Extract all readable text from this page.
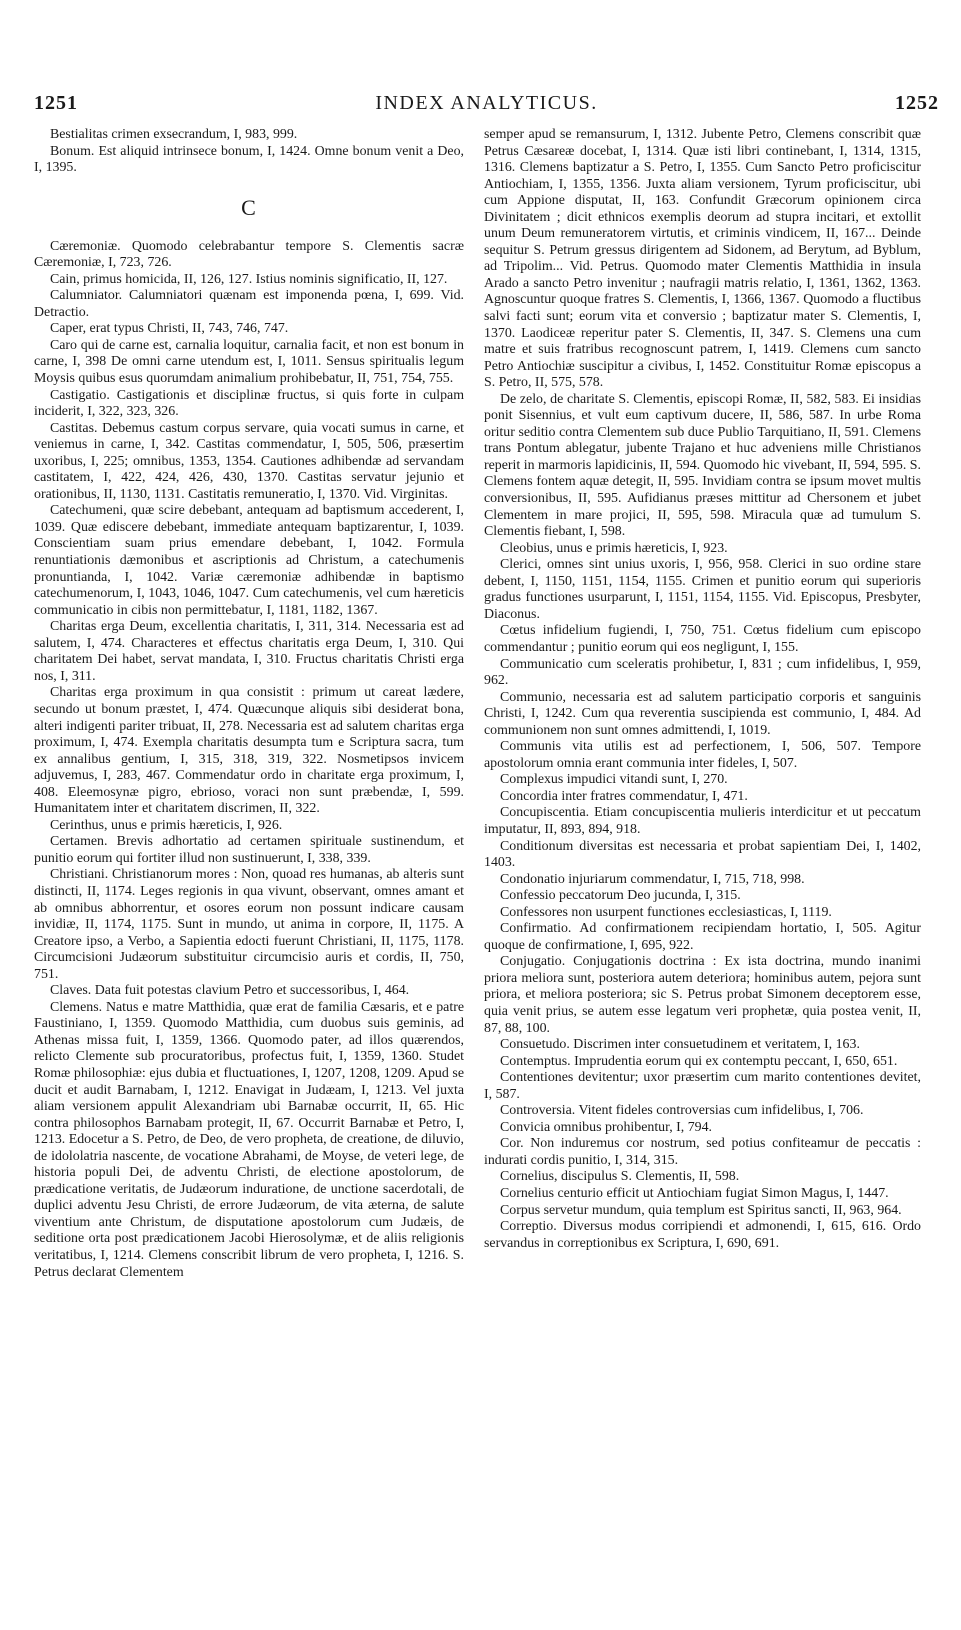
1251	INDEX ANALYTICUS.	1252

Bestialitas crimen exsecrandum, I, 983, 999.

Bonum. Est aliquid intrinsece bonum, I, 1424. Omne bonum venit a Deo, I, 1395.

C

Cæremoniæ. Quomodo celebrabantur tempore S. Clementis sacræ Cæremoniæ, I, 723, 726.

Cain, primus homicida, II, 126, 127. Istius nominis significatio, II, 127.

Calumniator. Calumniatori quænam est imponenda pœna, I, 699. Vid. Detractio.

Caper, erat typus Christi, II, 743, 746, 747.

Caro qui de carne est, carnalia loquitur, carnalia facit, et non est bonum in carne, I, 398 De omni carne utendum est, I, 1011. Sensus spiritualis legum Moysis quibus esus quorumdam animalium prohibebatur, II, 751, 754, 755.

Castigatio. Castigationis et disciplinæ fructus, si quis forte in culpam inciderit, I, 322, 323, 326.

Castitas. Debemus castum corpus servare, quia vocati sumus in carne, et veniemus in carne, I, 342. Castitas commendatur, I, 505, 506, præsertim uxoribus, I, 225; omnibus, 1353, 1354. Cautiones adhibendæ ad servandam castitatem, I, 422, 424, 426, 430, 1370. Castitas servatur jejunio et orationibus, II, 1130, 1131. Castitatis remuneratio, I, 1370. Vid. Virginitas.

Catechumeni, quæ scire debebant, antequam ad baptismum accederent, I, 1039. Quæ ediscere debebant, immediate antequam baptizarentur, I, 1039. Conscientiam suam prius emendare debebant, I, 1042. Formula renuntiationis dæmonibus et ascriptionis ad Christum, a catechumenis pronuntianda, I, 1042. Variæ cæremoniæ adhibendæ in baptismo catechumenorum, I, 1043, 1046, 1047. Cum catechumenis, vel cum hæreticis communicatio in cibis non permittebatur, I, 1181, 1182, 1367.

Charitas erga Deum, excellentia charitatis, I, 311, 314. Necessaria est ad salutem, I, 474. Characteres et effectus charitatis erga Deum, I, 310. Qui charitatem Dei habet, servat mandata, I, 310. Fructus charitatis Christi erga nos, I, 311.

Charitas erga proximum in qua consistit : primum ut careat lædere, secundo ut bonum præstet, I, 474. Quæcunque aliquis sibi desiderat bona, alteri indigenti pariter tribuat, II, 278. Necessaria est ad salutem charitas erga proximum, I, 474. Exempla charitatis desumpta tum e Scriptura sacra, tum ex annalibus gentium, I, 315, 318, 319, 322. Nosmetipsos invicem adjuvemus, I, 283, 467. Commendatur ordo in charitate erga proximum, I, 408. Eleemosynæ pigro, ebrioso, voraci non sunt præbendæ, I, 599. Humanitatem inter et charitatem discrimen, II, 322.

Cerinthus, unus e primis hæreticis, I, 926.

Certamen. Brevis adhortatio ad certamen spirituale sustinendum, et punitio eorum qui fortiter illud non sustinuerunt, I, 338, 339.

Christiani. Christianorum mores : Non, quoad res humanas, ab alteris sunt distincti, II, 1174. Leges regionis in qua vivunt, observant, omnes amant et ab omnibus abhorrentur, et osores eorum non possunt indicare causam invidiæ, II, 1174, 1175. Sunt in mundo, ut anima in corpore, II, 1175. A Creatore ipso, a Verbo, a Sapientia edocti fuerunt Christiani, II, 1175, 1178. Circumcisioni Judæorum substituitur circumcisio auris et cordis, II, 750, 751.

Claves. Data fuit potestas clavium Petro et successoribus, I, 464.

Clemens. Natus e matre Matthidia, quæ erat de familia Cæsaris, et e patre Faustiniano, I, 1359. Quomodo Matthidia, cum duobus suis geminis, ad Athenas missa fuit, I, 1359, 1366. Quomodo pater, ad illos quærendos, relicto Clemente sub procuratoribus, profectus fuit, I, 1359, 1360. Studet Romæ philosophiæ: ejus dubia et fluctuationes, I, 1207, 1208, 1209. Apud se ducit et audit Barnabam, I, 1212. Enavigat in Judæam, I, 1213. Vel juxta aliam versionem appulit Alexandriam ubi Barnabæ occurrit, II, 65. Hic contra philosophos Barnabam protegit, II, 67. Occurrit Barnabæ et Petro, I, 1213. Edocetur a S. Petro, de Deo, de vero propheta, de creatione, de diluvio, de idololatria nascente, de vocatione Abrahami, de Moyse, de veteri lege, de historia populi Dei, de adventu Christi, de electione apostolorum, de prædicatione veritatis, de Judæorum induratione, de unctione sacerdotali, de duplici adventu Jesu Christi, de errore Judæorum, de vita æterna, de salute viventium ante Christum, de disputatione apostolorum cum Judæis, de seditione orta post prædicationem Jacobi Hierosolymæ, et de aliis religionis veritatibus, I, 1214. Clemens conscribit librum de vero propheta, I, 1216. S. Petrus declarat Clementem

semper apud se remansurum, I, 1312. Jubente Petro, Clemens conscribit quæ Petrus Cæsareæ docebat, I, 1314. Quæ isti libri continebant, I, 1314, 1315, 1316. Clemens baptizatur a S. Petro, I, 1355. Cum Sancto Petro proficiscitur Antiochiam, I, 1355, 1356. Juxta aliam versionem, Tyrum proficiscitur, ubi cum Appione disputat, II, 163. Confundit Græcorum opinionem circa Divinitatem ; dicit ethnicos exemplis deorum ad stupra incitari, et extollit unum Deum remuneratorem virtutis, et criminis vindicem, II, 167... Deinde sequitur S. Petrum gressus dirigentem ad Sidonem, ad Berytum, ad Byblum, ad Tripolim... Vid. Petrus. Quomodo mater Clementis Matthidia in insula Arado a sancto Petro invenitur ; naufragii matris relatio, I, 1361, 1362, 1363. Agnoscuntur quoque fratres S. Clementis, I, 1366, 1367. Quomodo a fluctibus salvi facti sunt; eorum vita et conversio ; baptizatur mater S. Clementis, I, 1370. Laodiceæ reperitur pater S. Clementis, II, 347. S. Clemens una cum matre et suis fratribus recognoscunt patrem, I, 1419. Clemens cum sancto Petro Antiochiæ suscipitur a civibus, I, 1452. Constituitur Romæ episcopus a S. Petro, II, 575, 578.

De zelo, de charitate S. Clementis, episcopi Romæ, II, 582, 583. Ei insidias ponit Sisennius, et vult eum captivum ducere, II, 586, 587. In urbe Roma oritur seditio contra Clementem sub duce Publio Tarquitiano, II, 591. Clemens trans Pontum ablegatur, jubente Trajano et huc adveniens mille Christianos reperit in marmoris lapidicinis, II, 594. Quomodo hic vivebant, II, 594, 595. S. Clemens fontem aquæ detegit, II, 595. Invidiam contra se ipsum movet multis conversionibus, II, 595. Aufidianus præses mittitur ad Chersonem et jubet Clementem in mare projici, II, 595, 598. Miracula quæ ad tumulum S. Clementis fiebant, I, 598.

Cleobius, unus e primis hæreticis, I, 923.

Clerici, omnes sint unius uxoris, I, 956, 958. Clerici in suo ordine stare debent, I, 1150, 1151, 1154, 1155. Crimen et punitio eorum qui superioris gradus functiones usurparunt, I, 1151, 1154, 1155. Vid. Episcopus, Presbyter, Diaconus.

Cœtus infidelium fugiendi, I, 750, 751. Cœtus fidelium cum episcopo commendantur ; punitio eorum qui eos negligunt, I, 155.

Communicatio cum sceleratis prohibetur, I, 831 ; cum infidelibus, I, 959, 962.

Communio, necessaria est ad salutem participatio corporis et sanguinis Christi, I, 1242. Cum qua reverentia suscipienda est communio, I, 484. Ad communionem non sunt omnes admittendi, I, 1019.

Communis vita utilis est ad perfectionem, I, 506, 507. Tempore apostolorum omnia erant communia inter fideles, I, 507.

Complexus impudici vitandi sunt, I, 270.

Concordia inter fratres commendatur, I, 471.

Concupiscentia. Etiam concupiscentia mulieris interdicitur et ut peccatum imputatur, II, 893, 894, 918.

Conditionum diversitas est necessaria et probat sapientiam Dei, I, 1402, 1403.

Condonatio injuriarum commendatur, I, 715, 718, 998.

Confessio peccatorum Deo jucunda, I, 315.

Confessores non usurpent functiones ecclesiasticas, I, 1119.

Confirmatio. Ad confirmationem recipiendam hortatio, I, 505. Agitur quoque de confirmatione, I, 695, 922.

Conjugatio. Conjugationis doctrina : Ex ista doctrina, mundo inanimi priora meliora sunt, posteriora autem deteriora; hominibus autem, pejora sunt priora, et meliora posteriora; sic S. Petrus probat Simonem deceptorem esse, quia venit prius, se autem esse legatum veri prophetæ, quia postea venit, II, 87, 88, 100.

Consuetudo. Discrimen inter consuetudinem et veritatem, I, 163.

Contemptus. Imprudentia eorum qui ex contemptu peccant, I, 650, 651.

Contentiones devitentur; uxor præsertim cum marito contentiones devitet, I, 587.

Controversia. Vitent fideles controversias cum infidelibus, I, 706.

Convicia omnibus prohibentur, I, 794.

Cor. Non induremus cor nostrum, sed potius confiteamur de peccatis : indurati cordis punitio, I, 314, 315.

Cornelius, discipulus S. Clementis, II, 598.

Cornelius centurio efficit ut Antiochiam fugiat Simon Magus, I, 1447.

Corpus servetur mundum, quia templum est Spiritus sancti, II, 963, 964.

Correptio. Diversus modus corripiendi et admonendi, I, 615, 616. Ordo servandus in correptionibus ex Scriptura, I, 690, 691.
